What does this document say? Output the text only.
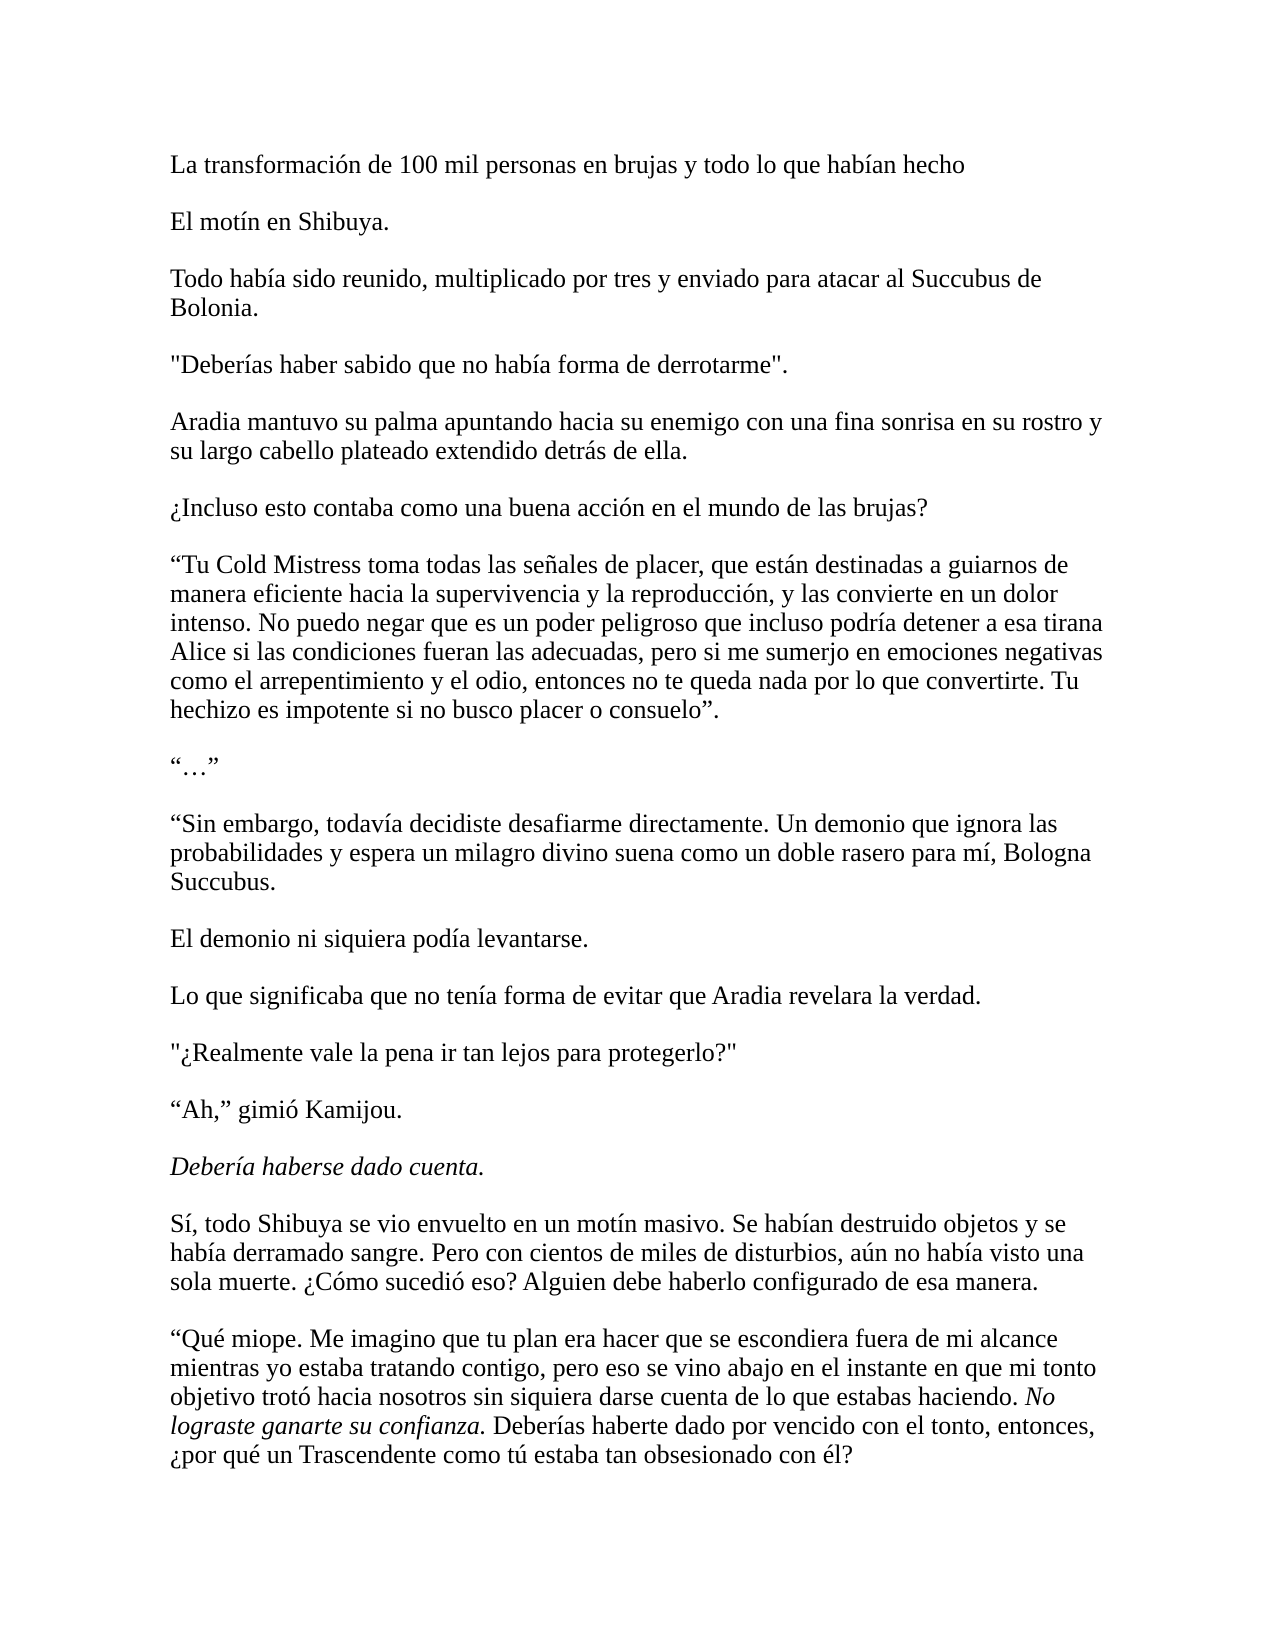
La transformación de 100 mil personas en brujas y todo lo que habían hecho

El motín en Shibuya.

Todo había sido reunido, multiplicado por tres y enviado para atacar al Succubus de Bolonia.

"Deberías haber sabido que no había forma de derrotarme".

Aradia mantuvo su palma apuntando hacia su enemigo con una fina sonrisa en su rostro y su largo cabello plateado extendido detrás de ella.

¿Incluso esto contaba como una buena acción en el mundo de las brujas?

“Tu Cold Mistress toma todas las señales de placer, que están destinadas a guiarnos de manera eficiente hacia la supervivencia y la reproducción, y las convierte en un dolor intenso. No puedo negar que es un poder peligroso que incluso podría detener a esa tirana Alice si las condiciones fueran las adecuadas, pero si me sumerjo en emociones negativas como el arrepentimiento y el odio, entonces no te queda nada por lo que convertirte. Tu hechizo es impotente si no busco placer o consuelo”.

“…”

“Sin embargo, todavía decidiste desafiarme directamente. Un demonio que ignora las probabilidades y espera un milagro divino suena como un doble rasero para mí, Bologna Succubus.

El demonio ni siquiera podía levantarse.

Lo que significaba que no tenía forma de evitar que Aradia revelara la verdad.

"¿Realmente vale la pena ir tan lejos para protegerlo?"

“Ah,” gimió Kamijou.

Debería haberse dado cuenta.

Sí, todo Shibuya se vio envuelto en un motín masivo. Se habían destruido objetos y se había derramado sangre. Pero con cientos de miles de disturbios, aún no había visto una sola muerte. ¿Cómo sucedió eso? Alguien debe haberlo configurado de esa manera.

“Qué miope. Me imagino que tu plan era hacer que se escondiera fuera de mi alcance mientras yo estaba tratando contigo, pero eso se vino abajo en el instante en que mi tonto objetivo trotó hacia nosotros sin siquiera darse cuenta de lo que estabas haciendo. No lograste ganarte su confianza. Deberías haberte dado por vencido con el tonto, entonces, ¿por qué un Trascendente como tú estaba tan obsesionado con él?
